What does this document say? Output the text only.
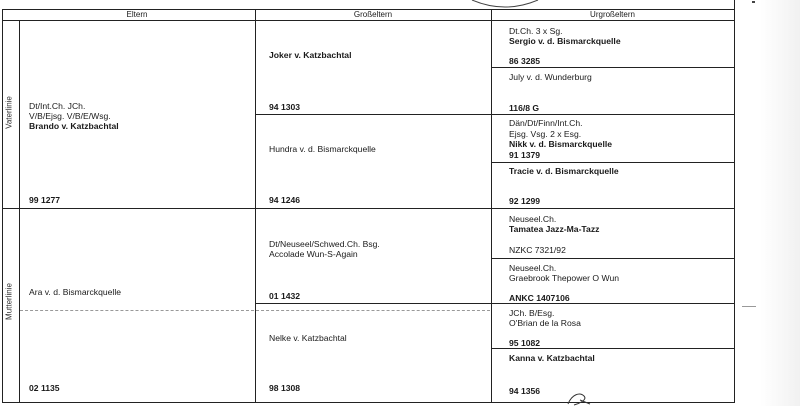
Eltern	Großeltern	Urgroßeltern
Vaterlinie
Mutterlinie
Dt/Int.Ch. JCh.
V/B/Ejsg. V/B/E/Wsg.
Brando v. Katzbachtal
99 1277
Joker v. Katzbachtal
94 1303
Hundra v. d. Bismarckquelle
94 1246
Dt.Ch. 3 x Sg.
Sergio v. d. Bismarckquelle
86 3285
July v. d. Wunderburg
116/8 G
Dän/Dt/Finn/Int.Ch.
Ejsg. Vsg. 2 x Esg.
Nikk v. d. Bismarckquelle
91 1379
Tracie v. d. Bismarckquelle
92 1299
Ara v. d. Bismarckquelle
02 1135
Dt/Neuseel/Schwed.Ch. Bsg.
Accolade Wun-S-Again
01 1432
Nelke v. Katzbachtal
98 1308
Neuseel.Ch.
Tamatea Jazz-Ma-Tazz
NZKC 7321/92
Neuseel.Ch.
Graebrook Thepower O Wun
ANKC 1407106
JCh. B/Esg.
O'Brian de la Rosa
95 1082
Kanna v. Katzbachtal
94 1356
